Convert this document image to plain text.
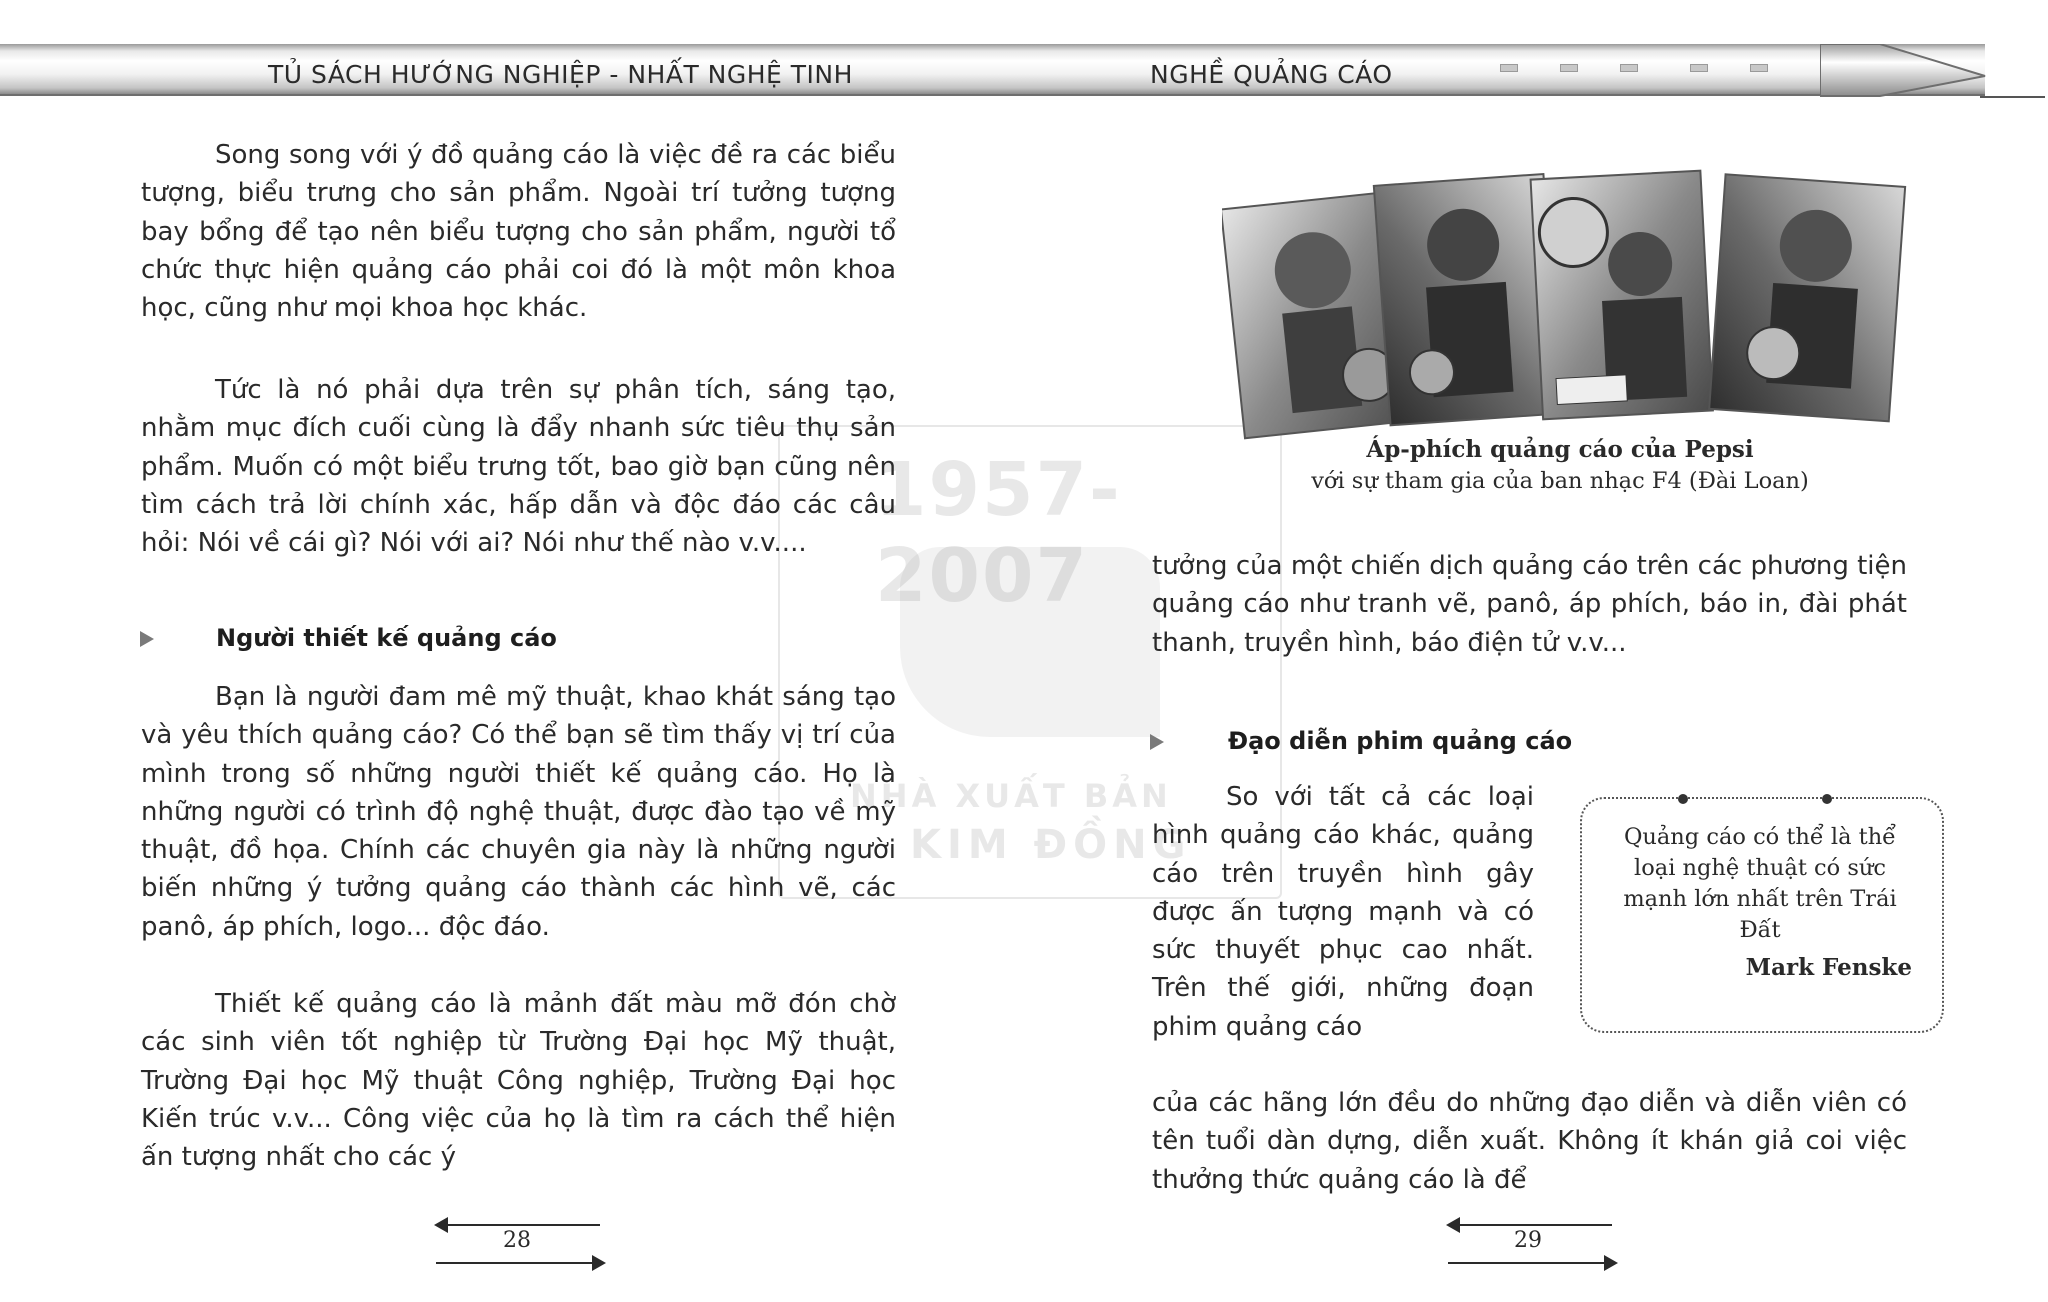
1957-2007
NHÀ XUẤT BẢN
KIM ĐỒNG
TỦ SÁCH HƯỚNG NGHIỆP - NHẤT NGHỆ TINH	NGHỀ QUẢNG CÁO

Song song với ý đồ quảng cáo là việc đề ra các biểu tượng, biểu trưng cho sản phẩm. Ngoài trí tưởng tượng bay bổng để tạo nên biểu tượng cho sản phẩm, người tổ chức thực hiện quảng cáo phải coi đó là một môn khoa học, cũng như mọi khoa học khác.

Tức là nó phải dựa trên sự phân tích, sáng tạo, nhằm mục đích cuối cùng là đẩy nhanh sức tiêu thụ sản phẩm. Muốn có một biểu trưng tốt, bao giờ bạn cũng nên tìm cách trả lời chính xác, hấp dẫn và độc đáo các câu hỏi: Nói về cái gì? Nói với ai? Nói như thế nào v.v....

Người thiết kế quảng cáo

Bạn là người đam mê mỹ thuật, khao khát sáng tạo và yêu thích quảng cáo? Có thể bạn sẽ tìm thấy vị trí của mình trong số những người thiết kế quảng cáo. Họ là những người có trình độ nghệ thuật, được đào tạo về mỹ thuật, đồ họa. Chính các chuyên gia này là những người biến những ý tưởng quảng cáo thành các hình vẽ, các panô, áp phích, logo... độc đáo.

Thiết kế quảng cáo là mảnh đất màu mỡ đón chờ các sinh viên tốt nghiệp từ Trường Đại học Mỹ thuật, Trường Đại học Mỹ thuật Công nghiệp, Trường Đại học Kiến trúc v.v... Công việc của họ là tìm ra cách thể hiện ấn tượng nhất cho các ý

28
Áp-phích quảng cáo của Pepsi
với sự tham gia của ban nhạc F4 (Đài Loan)

tưởng của một chiến dịch quảng cáo trên các phương tiện quảng cáo như tranh vẽ, panô, áp phích, báo in, đài phát thanh, truyền hình, báo điện tử v.v...

Đạo diễn phim quảng cáo

So với tất cả các loại hình quảng cáo khác, quảng cáo trên truyền hình gây được ấn tượng mạnh và có sức thuyết phục cao nhất. Trên thế giới, những đoạn phim quảng cáo

của các hãng lớn đều do những đạo diễn và diễn viên có tên tuổi dàn dựng, diễn xuất. Không ít khán giả coi việc thưởng thức quảng cáo là để

Quảng cáo có thể là thể loại nghệ thuật có sức mạnh lớn nhất trên Trái Đất
Mark Fenske
29
